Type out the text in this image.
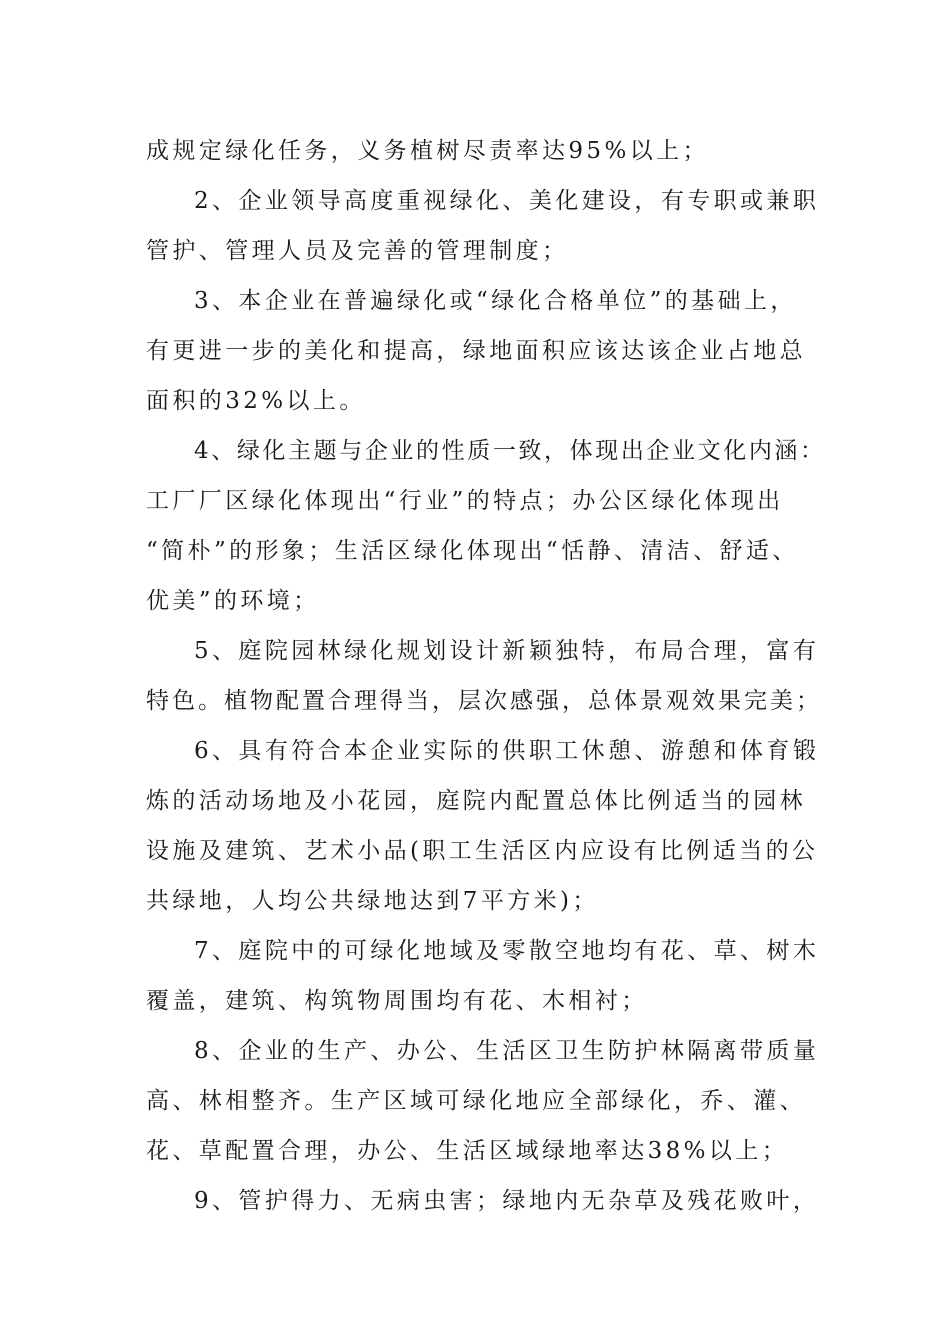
成规定绿化任务，义务植树尽责率达95%以上；
2、企业领导高度重视绿化、美化建设，有专职或兼职
管护、管理人员及完善的管理制度；
3、本企业在普遍绿化或“绿化合格单位”的基础上，
有更进一步的美化和提高，绿地面积应该达该企业占地总
面积的32%以上。
4、绿化主题与企业的性质一致，体现出企业文化内涵：
工厂厂区绿化体现出“行业”的特点；办公区绿化体现出
“简朴”的形象；生活区绿化体现出“恬静、清洁、舒适、
优美”的环境；
5、庭院园林绿化规划设计新颖独特，布局合理，富有
特色。植物配置合理得当，层次感强，总体景观效果完美；
6、具有符合本企业实际的供职工休憩、游憩和体育锻
炼的活动场地及小花园，庭院内配置总体比例适当的园林
设施及建筑、艺术小品(职工生活区内应设有比例适当的公
共绿地，人均公共绿地达到7平方米)；
7、庭院中的可绿化地域及零散空地均有花、草、树木
覆盖，建筑、构筑物周围均有花、木相衬；
8、企业的生产、办公、生活区卫生防护林隔离带质量
高、林相整齐。生产区域可绿化地应全部绿化，乔、灌、
花、草配置合理，办公、生活区域绿地率达38%以上；
9、管护得力、无病虫害；绿地内无杂草及残花败叶，
